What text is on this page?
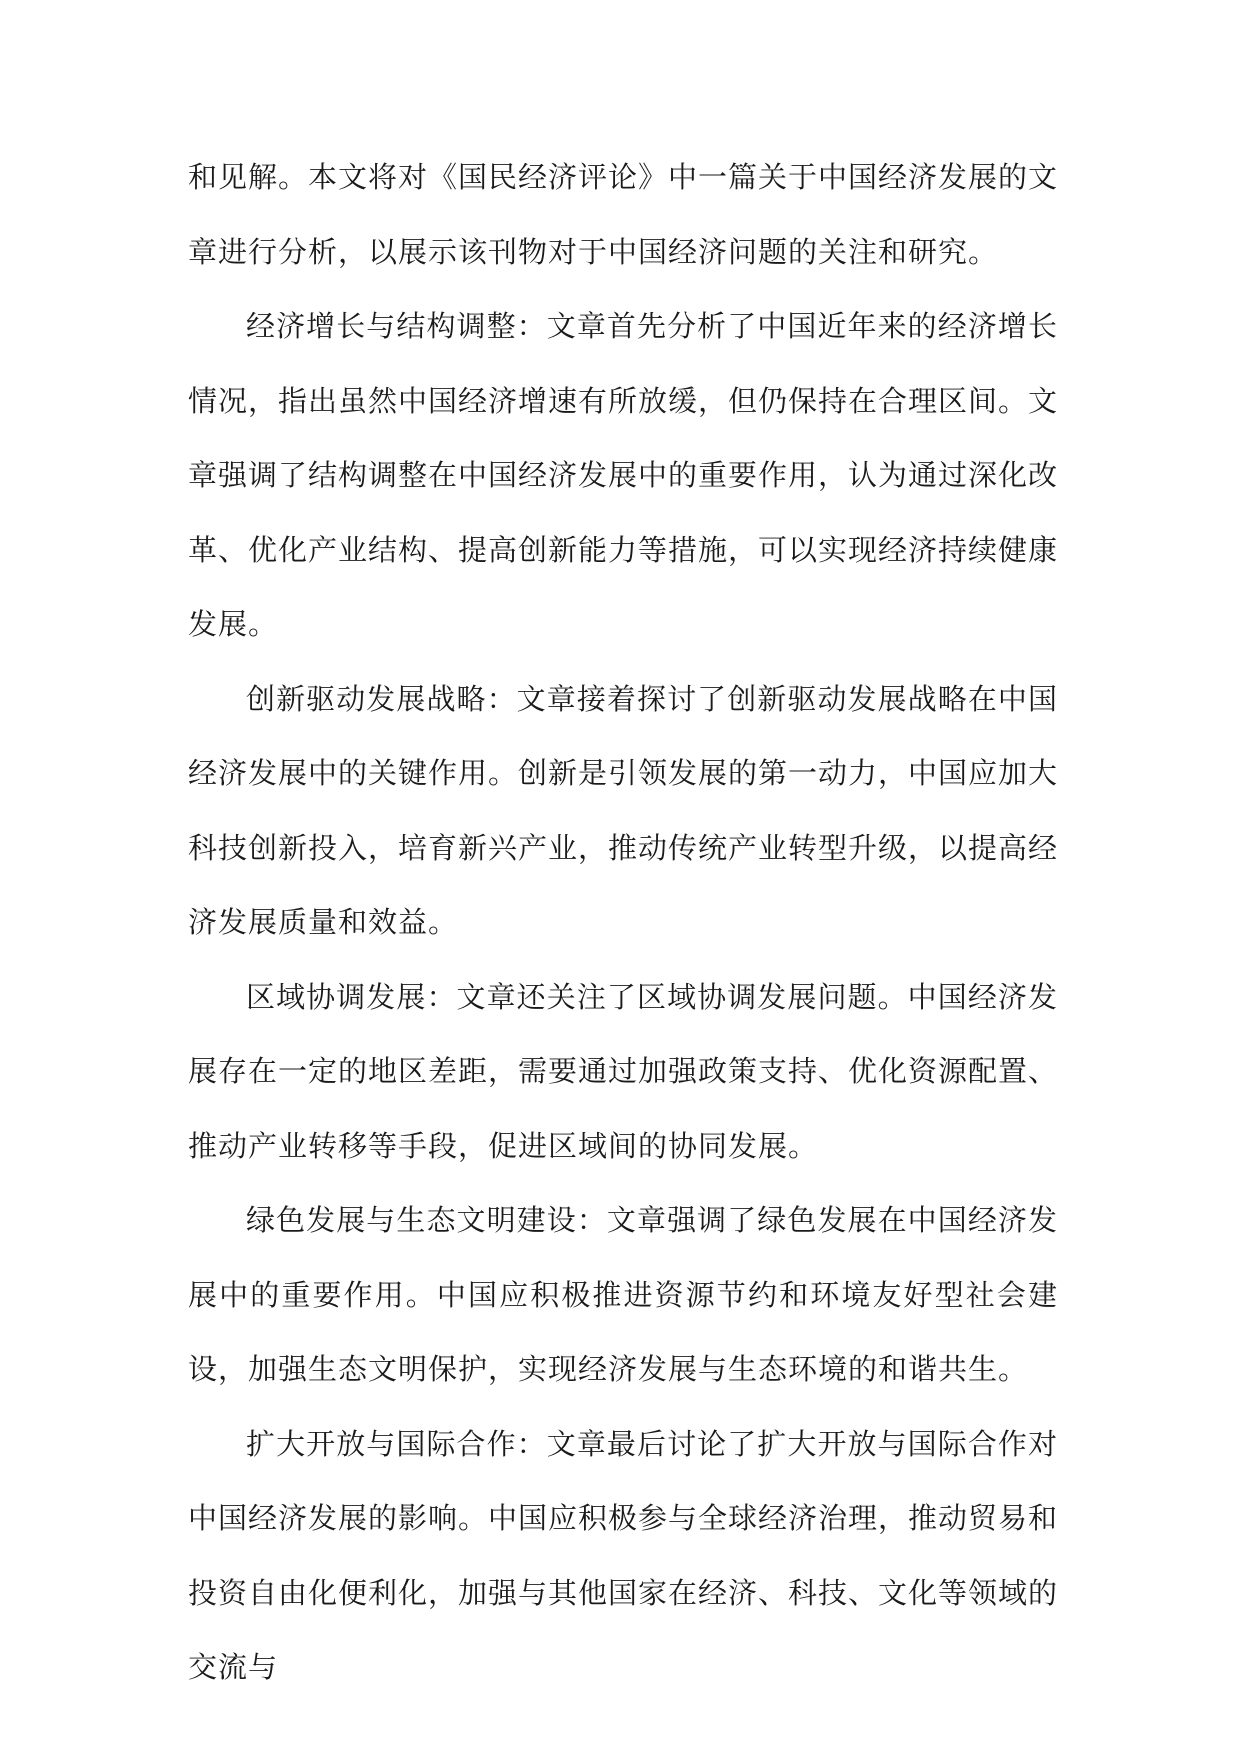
和见解。本文将对《国民经济评论》中一篇关于中国经济发展的文章进行分析，以展示该刊物对于中国经济问题的关注和研究。

经济增长与结构调整：文章首先分析了中国近年来的经济增长情况，指出虽然中国经济增速有所放缓，但仍保持在合理区间。文章强调了结构调整在中国经济发展中的重要作用，认为通过深化改革、优化产业结构、提高创新能力等措施，可以实现经济持续健康发展。

创新驱动发展战略：文章接着探讨了创新驱动发展战略在中国经济发展中的关键作用。创新是引领发展的第一动力，中国应加大科技创新投入，培育新兴产业，推动传统产业转型升级，以提高经济发展质量和效益。

区域协调发展：文章还关注了区域协调发展问题。中国经济发展存在一定的地区差距，需要通过加强政策支持、优化资源配置、推动产业转移等手段，促进区域间的协同发展。

绿色发展与生态文明建设：文章强调了绿色发展在中国经济发展中的重要作用。中国应积极推进资源节约和环境友好型社会建设，加强生态文明保护，实现经济发展与生态环境的和谐共生。

扩大开放与国际合作：文章最后讨论了扩大开放与国际合作对中国经济发展的影响。中国应积极参与全球经济治理，推动贸易和投资自由化便利化，加强与其他国家在经济、科技、文化等领域的交流与
